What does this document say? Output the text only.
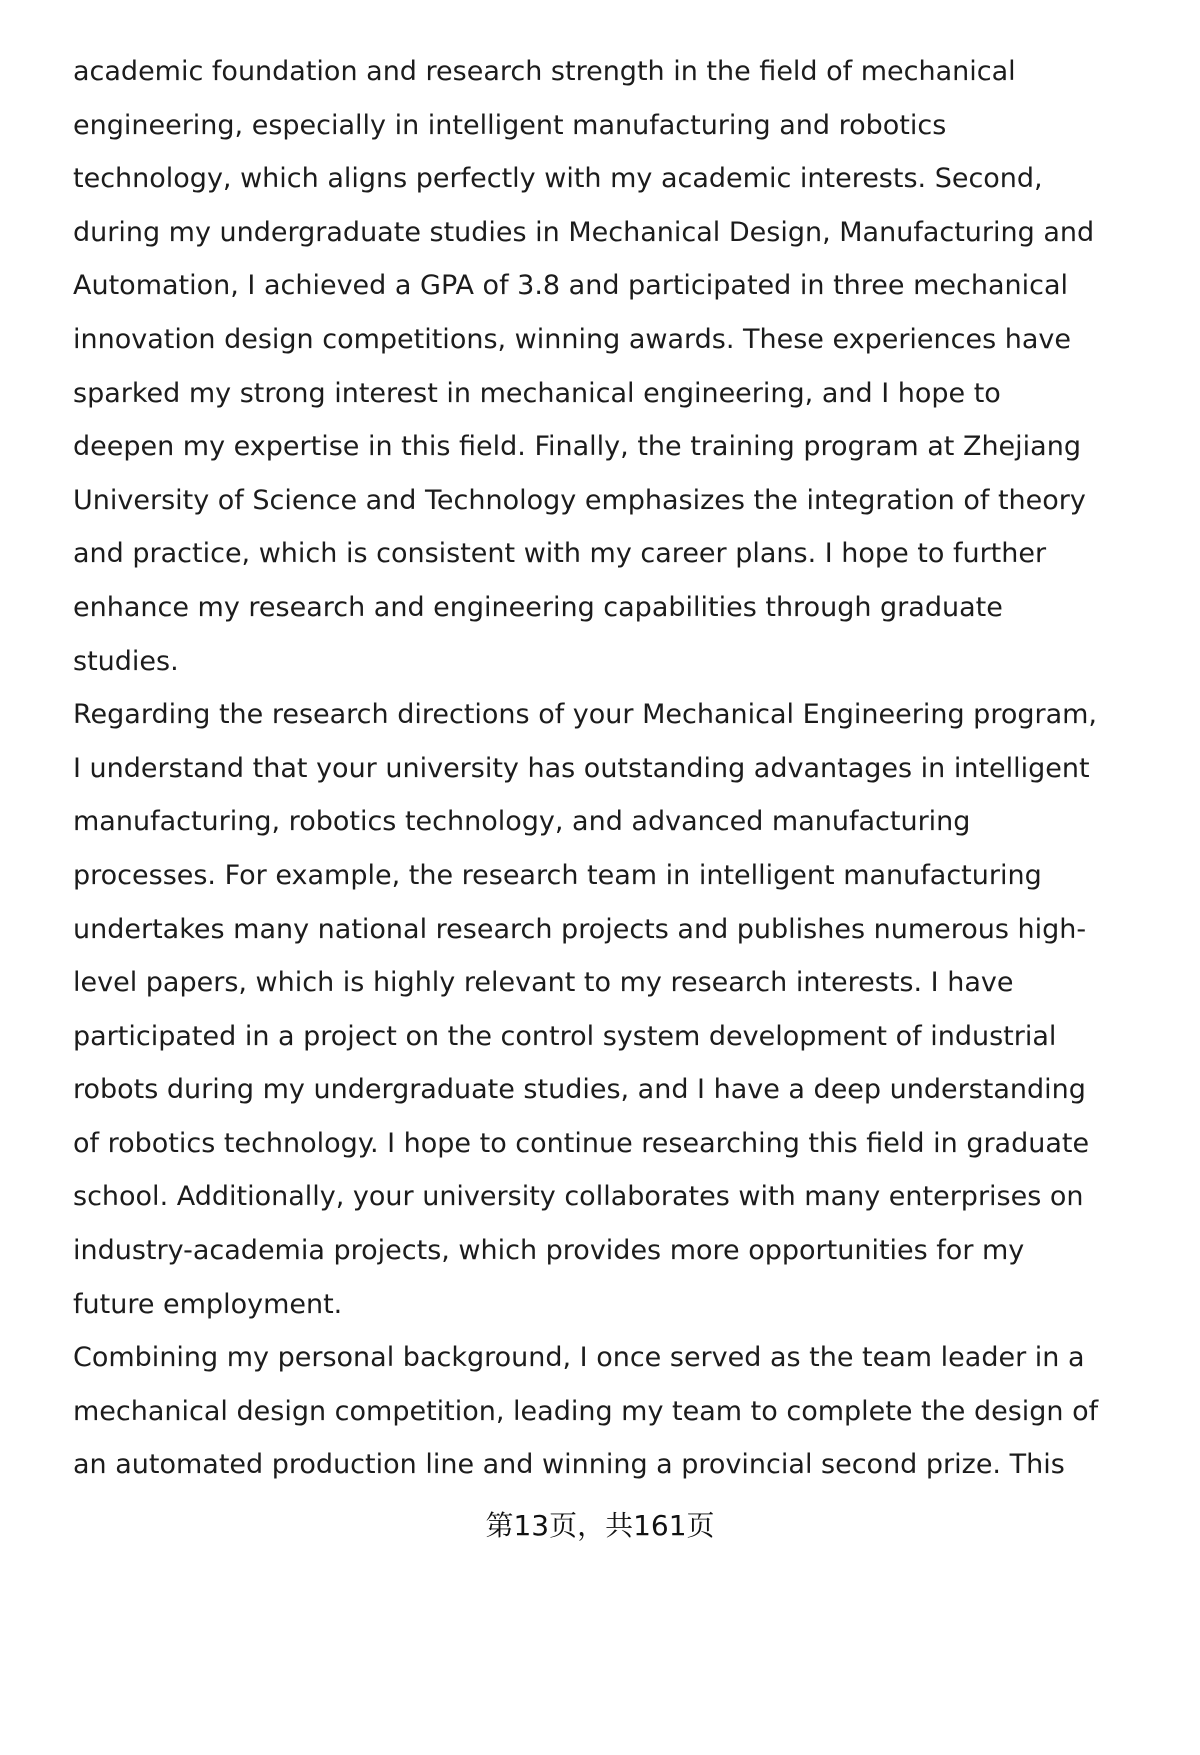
academic foundation and research strength in the field of mechanical
engineering, especially in intelligent manufacturing and robotics
technology, which aligns perfectly with my academic interests. Second,
during my undergraduate studies in Mechanical Design, Manufacturing and
Automation, I achieved a GPA of 3.8 and participated in three mechanical
innovation design competitions, winning awards. These experiences have
sparked my strong interest in mechanical engineering, and I hope to
deepen my expertise in this field. Finally, the training program at Zhejiang
University of Science and Technology emphasizes the integration of theory
and practice, which is consistent with my career plans. I hope to further
enhance my research and engineering capabilities through graduate
studies.
Regarding the research directions of your Mechanical Engineering program,
I understand that your university has outstanding advantages in intelligent
manufacturing, robotics technology, and advanced manufacturing
processes. For example, the research team in intelligent manufacturing
undertakes many national research projects and publishes numerous high-
level papers, which is highly relevant to my research interests. I have
participated in a project on the control system development of industrial
robots during my undergraduate studies, and I have a deep understanding
of robotics technology. I hope to continue researching this field in graduate
school. Additionally, your university collaborates with many enterprises on
industry-academia projects, which provides more opportunities for my
future employment.
Combining my personal background, I once served as the team leader in a
mechanical design competition, leading my team to complete the design of
an automated production line and winning a provincial second prize. This
第13页，共161页
